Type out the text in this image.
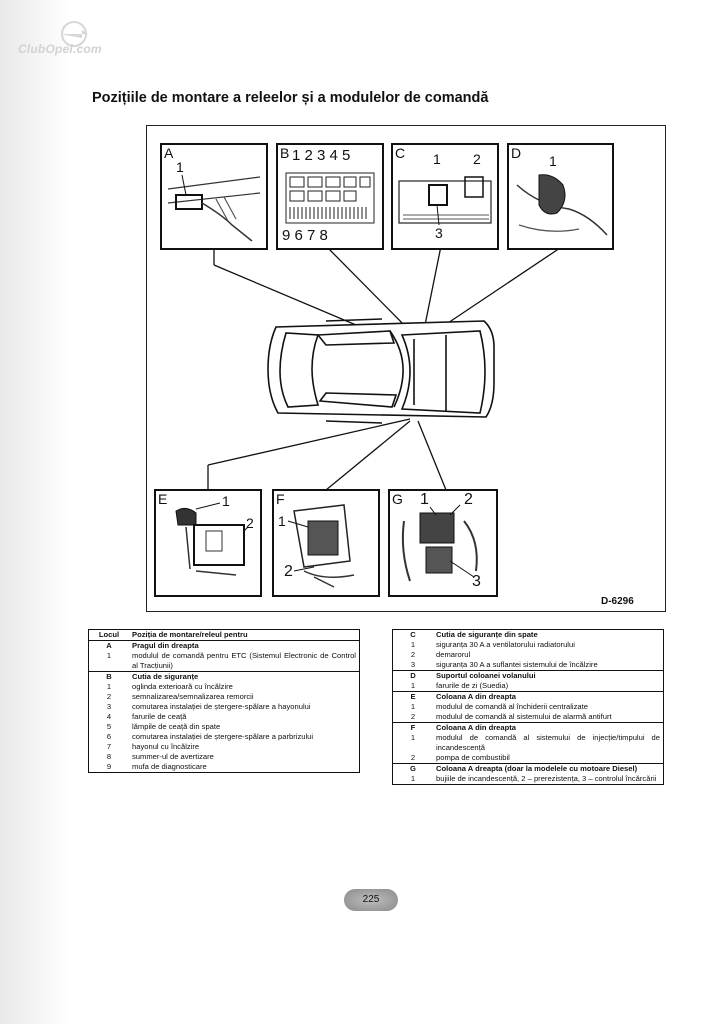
ClubOpel.com
Pozițiile de montare a releelor și a modulelor de comandă
A
1
B 1 2 3 4 5
9 6 7 8
C 1 2
3
D 1
E	1
2
F
1
2
G 1 2
3
D-6296
Locul	Poziția de montare/releul pentru
A	Pragul din dreapta
1	modulul de comandă pentru ETC (Sistemul Electronic de Control al Tracțiunii)
B	Cutia de siguranțe
1	oglinda exterioară cu încălzire
2	semnalizarea/semnalizarea remorcii
3	comutarea instalației de ștergere-spălare a hayonului
4	farurile de ceață
5	lămpile de ceață din spate
6	comutarea instalației de ștergere-spălare a parbrizului
7	hayonul cu încălzire
8	summer-ul de avertizare
9	mufa de diagnosticare
C	Cutia de siguranțe din spate
1	siguranța 30 A a ventilatorului radiatorului
2	demarorul
3	siguranța 30 A a suflantei sistemului de încălzire
D	Suportul coloanei volanului
1	farurile de zi (Suedia)
E	Coloana A din dreapta
1	modulul de comandă al închiderii centralizate
2	modulul de comandă al sistemului de alarmă antifurt
F	Coloana A din dreapta
1	modulul de comandă al sistemului de injecție/timpului de incandescență
2	pompa de combustibil
G	Coloana A dreapta (doar la modelele cu motoare Diesel)
1	bujiile de incandescență, 2 – prerezistența, 3 – controlul încărcării
225
